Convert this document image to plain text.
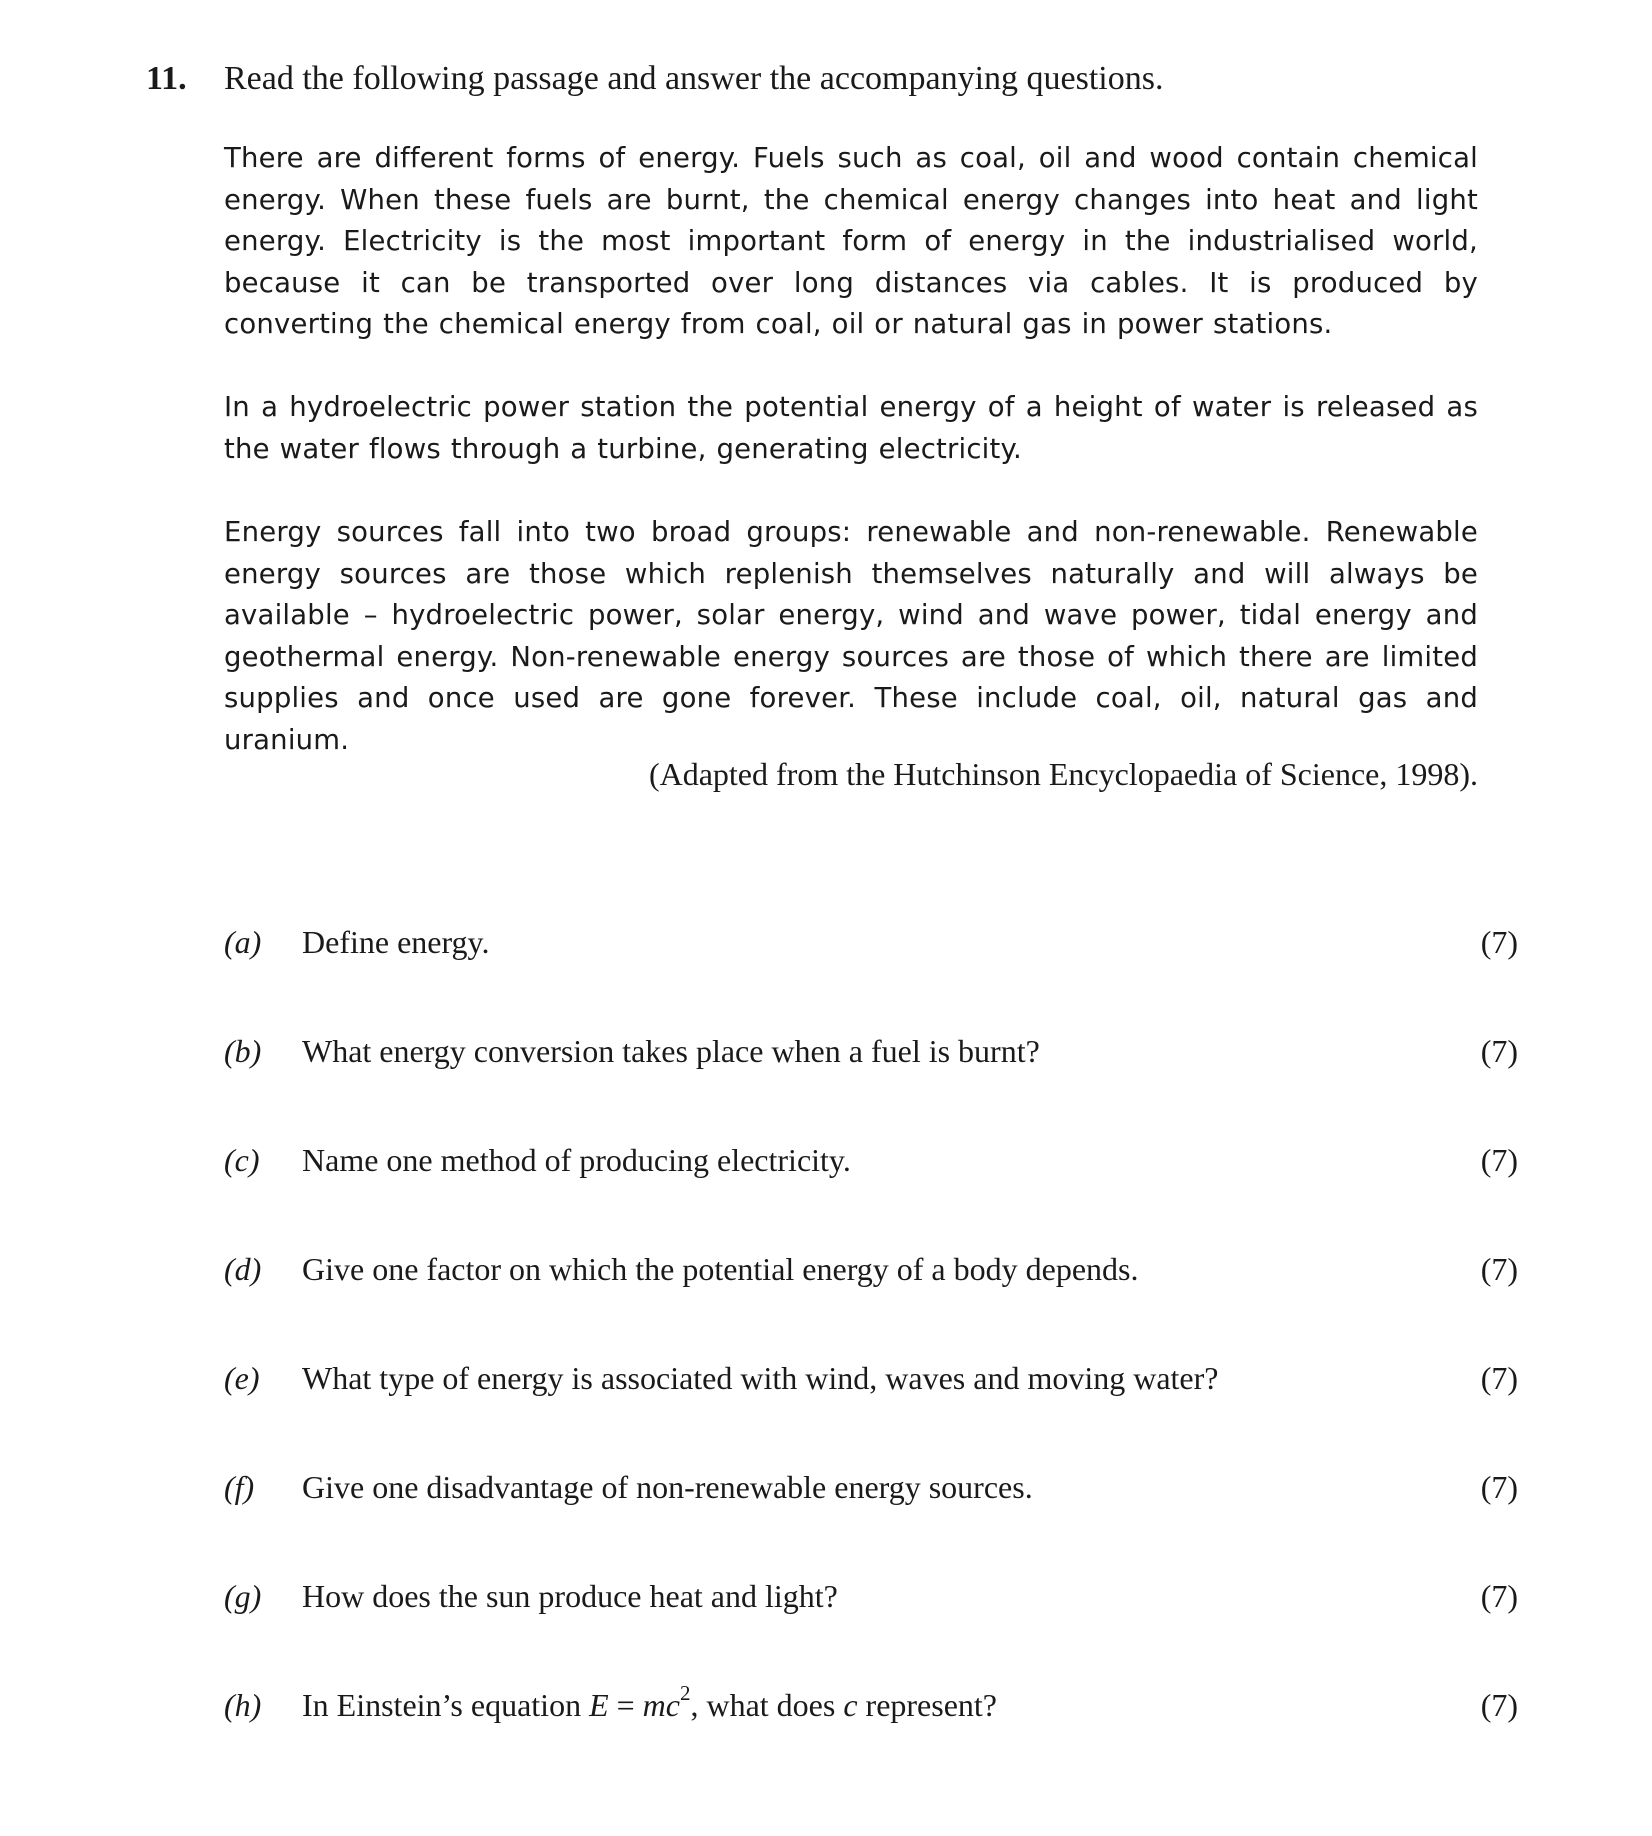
11. Read the following passage and answer the accompanying questions.

There are different forms of energy. Fuels such as coal, oil and wood contain chemical energy. When these fuels are burnt, the chemical energy changes into heat and light energy. Electricity is the most important form of energy in the industrialised world, because it can be transported over long distances via cables. It is produced by converting the chemical energy from coal, oil or natural gas in power stations.

In a hydroelectric power station the potential energy of a height of water is released as the water flows through a turbine, generating electricity.

Energy sources fall into two broad groups: renewable and non-renewable. Renewable energy sources are those which replenish themselves naturally and will always be available – hydroelectric power, solar energy, wind and wave power, tidal energy and geothermal energy. Non-renewable energy sources are those of which there are limited supplies and once used are gone forever. These include coal, oil, natural gas and uranium.

(Adapted from the Hutchinson Encyclopaedia of Science, 1998).
(a) Define energy.	(7)
(b) What energy conversion takes place when a fuel is burnt?	(7)
(c) Name one method of producing electricity.	(7)
(d) Give one factor on which the potential energy of a body depends.	(7)
(e) What type of energy is associated with wind, waves and moving water?	(7)
(f) Give one disadvantage of non-renewable energy sources.	(7)
(g) How does the sun produce heat and light?	(7)
(h) In Einstein’s equation $E = mc^2$, what does c represent?	(7)
